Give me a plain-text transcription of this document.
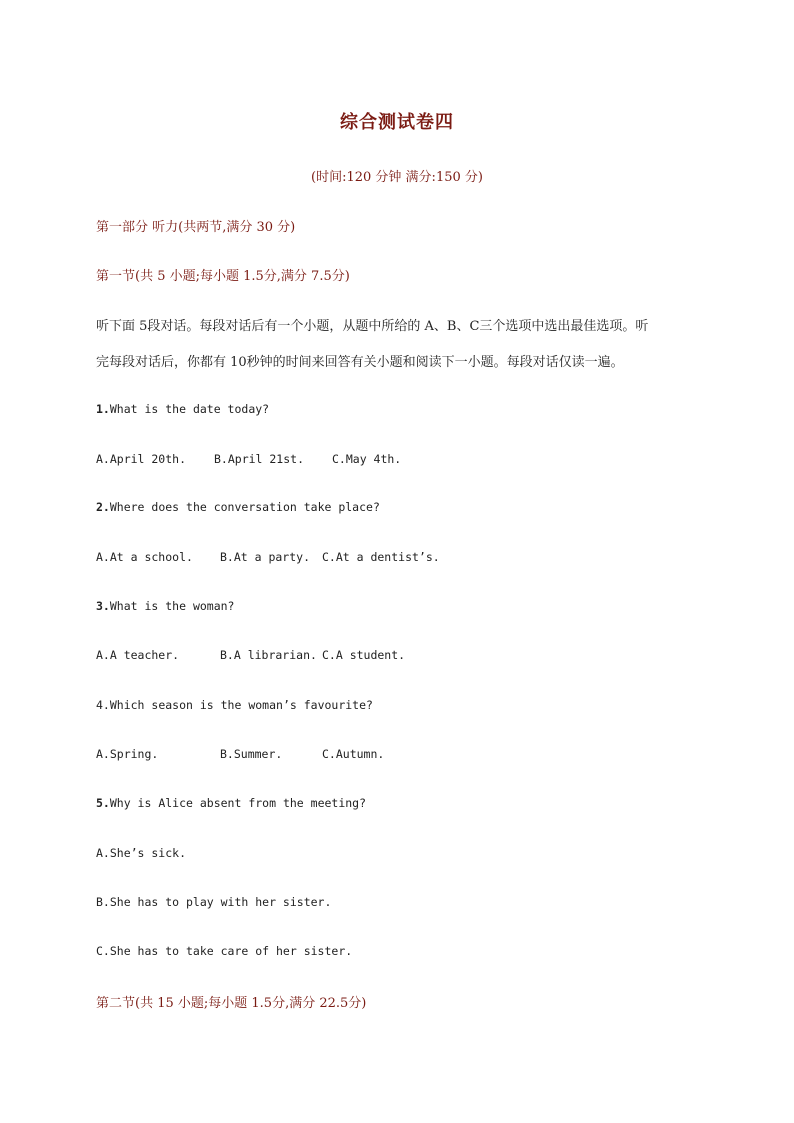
综合测试卷四
(时间:120 分钟 满分:150 分)
第一部分 听力(共两节,满分 30 分)
第一节(共 5 小题;每小题 1.5分,满分 7.5分)
听下面 5段对话。每段对话后有一个小题，从题中所给的 A、B、C三个选项中选出最佳选项。听
完每段对话后，你都有 10秒钟的时间来回答有关小题和阅读下一小题。每段对话仅读一遍。
1.What is the date today?

A.April 20th.

B.April 21st.

C.May 4th.

2.Where does the conversation take place?

A.At a school.

B.At a party.

C.At a dentist’s.

3.What is the woman?

A.A teacher.

	B.A librarian.

C.A student.

4.Which season is the woman’s favourite?

A.Spring.

	B.Summer.

	C.Autumn.

5.Why is Alice absent from the meeting?
A.She’s sick.
B.She has to play with her sister.
C.She has to take care of her sister.
第二节(共 15 小题;每小题 1.5分,满分 22.5分)
